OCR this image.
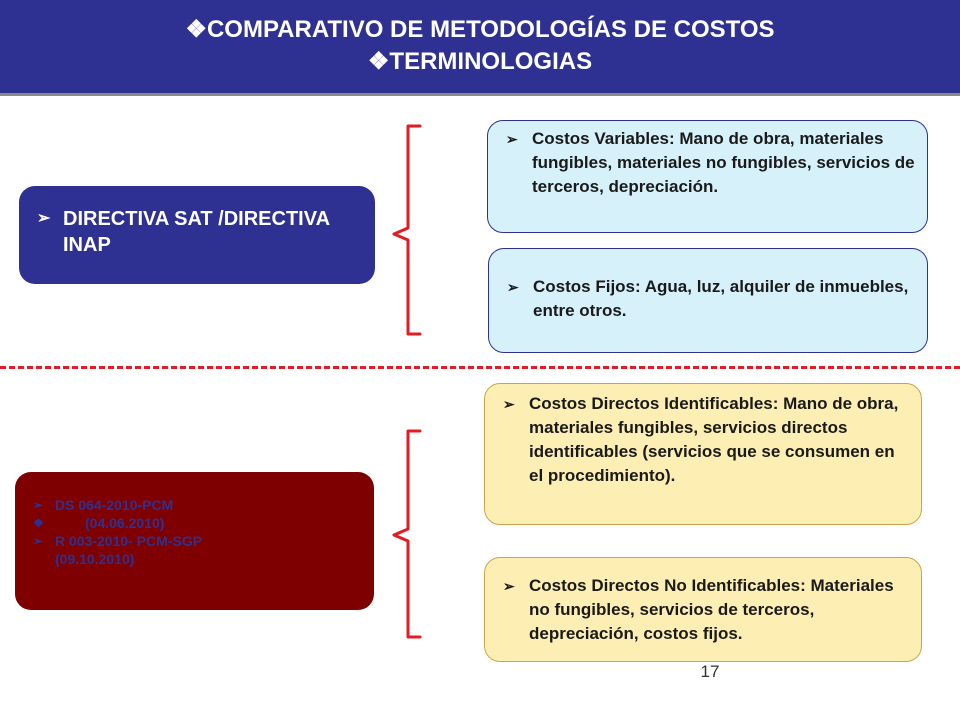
❖COMPARATIVO DE METODOLOGÍAS DE COSTOS
❖TERMINOLOGIAS
➢ DIRECTIVA SAT /DIRECTIVA INAP
➢ Costos Variables: Mano de obra, materiales fungibles, materiales no fungibles, servicios de terceros, depreciación.
➢ Costos Fijos: Agua, luz, alquiler de inmuebles, entre otros.
➢ DS 064-2010-PCM
❖	(04.06.2010)
➢ R 003-2010- PCM-SGP (09.10.2010)
➢ Costos Directos Identificables: Mano de obra, materiales fungibles, servicios directos identificables (servicios que se consumen en el procedimiento).
➢ Costos Directos No Identificables: Materiales no fungibles, servicios de terceros, depreciación, costos fijos.
17
